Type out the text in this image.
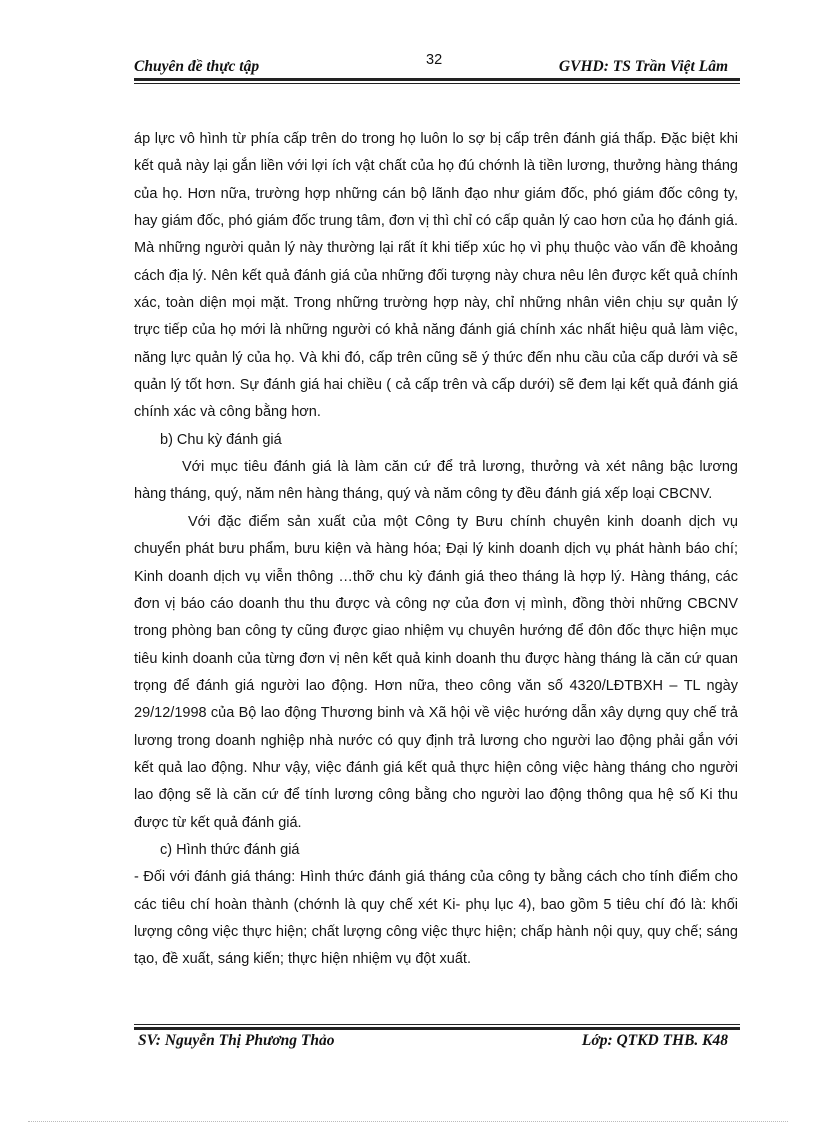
Chuyên đề thực tập	32	GVHD: TS Trần Việt Lâm

áp lực vô hình từ phía cấp trên do trong họ luôn lo sợ bị cấp trên đánh giá thấp. Đặc biệt khi kết quả này lại gắn liền với lợi ích vật chất của họ đú chớnh là tiền lương, thưởng hàng tháng của họ. Hơn nữa, trường hợp những cán bộ lãnh đạo như giám đốc, phó giám đốc công ty, hay giám đốc, phó giám đốc trung tâm, đơn vị thì chỉ có cấp quản lý cao hơn của họ đánh giá. Mà những người quản lý này thường lại rất ít khi tiếp xúc họ vì phụ thuộc vào vấn đề khoảng cách địa lý. Nên kết quả đánh giá của những đối tượng này chưa nêu lên được kết quả chính xác, toàn diện mọi mặt. Trong những trường hợp này, chỉ những nhân viên chịu sự quản lý trực tiếp của họ mới là những người có khả năng đánh giá chính xác nhất hiệu quả làm việc, năng lực quản lý của họ. Và khi đó, cấp trên cũng sẽ ý thức đến nhu cầu của cấp dưới và sẽ quản lý tốt hơn. Sự đánh giá hai chiều ( cả cấp trên và cấp dưới) sẽ đem lại kết quả đánh giá chính xác và công bằng hơn.

b) Chu kỳ đánh giá

Với mục tiêu đánh giá là làm căn cứ để trả lương, thưởng và xét nâng bậc lương hàng tháng, quý, năm nên hàng tháng, quý và năm công ty đều đánh giá xếp loại CBCNV.

Với đặc điểm sản xuất của một Công ty Bưu chính chuyên kinh doanh dịch vụ chuyển phát bưu phẩm, bưu kiện và hàng hóa; Đại lý kinh doanh dịch vụ phát hành báo chí; Kinh doanh dịch vụ viễn thông …thỡ chu kỳ đánh giá theo tháng là hợp lý. Hàng tháng, các đơn vị báo cáo doanh thu thu được và công nợ của đơn vị mình, đồng thời những CBCNV trong phòng ban công ty cũng được giao nhiệm vụ chuyên hướng để đôn đốc thực hiện mục tiêu kinh doanh của từng đơn vị nên kết quả kinh doanh thu được hàng tháng là căn cứ quan trọng để đánh giá người lao động. Hơn nữa, theo công văn số 4320/LĐTBXH – TL ngày 29/12/1998 của Bộ lao động Thương binh và Xã hội về việc hướng dẫn xây dựng quy chế trả lương trong doanh nghiệp nhà nước có quy định trả lương cho người lao động phải gắn với kết quả lao động. Như vậy, việc đánh giá kết quả thực hiện công việc hàng tháng cho người lao động sẽ là căn cứ để tính lương công bằng cho người lao động thông qua hệ số Ki thu được từ kết quả đánh giá.

c) Hình thức đánh giá

- Đối với đánh giá tháng: Hình thức đánh giá tháng của công ty bằng cách cho tính điểm cho các tiêu chí hoàn thành (chớnh là quy chế xét Ki- phụ lục 4), bao gồm 5 tiêu chí đó là: khối lượng công việc thực hiện; chất lượng công việc thực hiện; chấp hành nội quy, quy chế; sáng tạo, đề xuất, sáng kiến; thực hiện nhiệm vụ đột xuất.

SV: Nguyễn Thị Phương Thảo	Lớp: QTKD THB. K48
